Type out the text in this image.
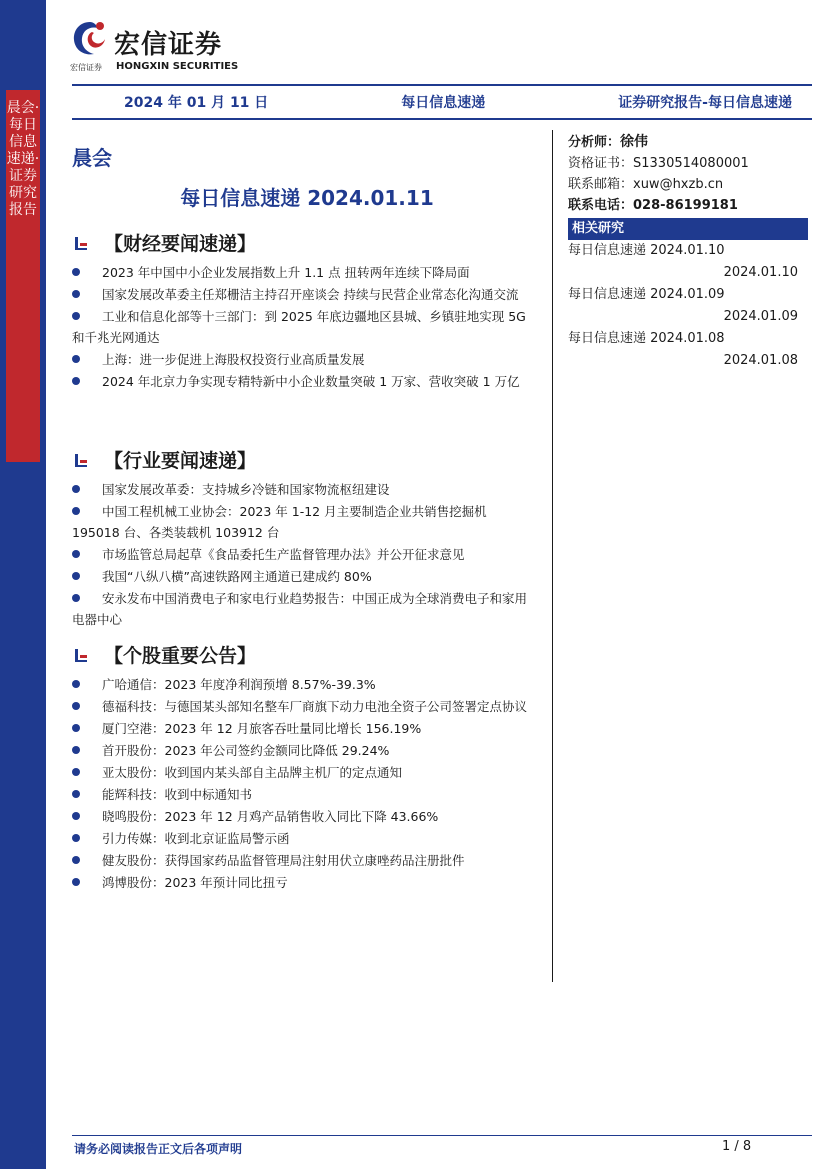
晨会·每日信息速递·证券研究报告
宏信证券
宏信证券 HONGXIN SECURITIES
2024 年 01 月 11 日	每日信息速递	证券研究报告-每日信息速递
晨会
每日信息速递 2024.01.11
【财经要闻速递】
2023 年中国中小企业发展指数上升 1.1 点 扭转两年连续下降局面
国家发展改革委主任郑栅洁主持召开座谈会 持续与民营企业常态化沟通交流
工业和信息化部等十三部门：到 2025 年底边疆地区县城、乡镇驻地实现 5G 和千兆光网通达
上海：进一步促进上海股权投资行业高质量发展
2024 年北京力争实现专精特新中小企业数量突破 1 万家、营收突破 1 万亿
【行业要闻速递】
国家发展改革委：支持城乡冷链和国家物流枢纽建设
中国工程机械工业协会：2023 年 1-12 月主要制造企业共销售挖掘机 195018 台、各类装载机 103912 台
市场监管总局起草《食品委托生产监督管理办法》并公开征求意见
我国“八纵八横”高速铁路网主通道已建成约 80%
安永发布中国消费电子和家电行业趋势报告：中国正成为全球消费电子和家用电器中心
【个股重要公告】
广哈通信：2023 年度净利润预增 8.57%-39.3%
德福科技：与德国某头部知名整车厂商旗下动力电池全资子公司签署定点协议
厦门空港：2023 年 12 月旅客吞吐量同比增长 156.19%
首开股份：2023 年公司签约金额同比降低 29.24%
亚太股份：收到国内某头部自主品牌主机厂的定点通知
能辉科技：收到中标通知书
晓鸣股份：2023 年 12 月鸡产品销售收入同比下降 43.66%
引力传媒：收到北京证监局警示函
健友股份：获得国家药品监督管理局注射用伏立康唑药品注册批件
鸿博股份：2023 年预计同比扭亏
分析师：徐伟
资格证书：S1330514080001
联系邮箱：xuw@hxzb.cn
联系电话：028-86199181
相关研究
每日信息速递 2024.01.10
2024.01.10
每日信息速递 2024.01.09
2024.01.09
每日信息速递 2024.01.08
2024.01.08
请务必阅读报告正文后各项声明	1 / 8
